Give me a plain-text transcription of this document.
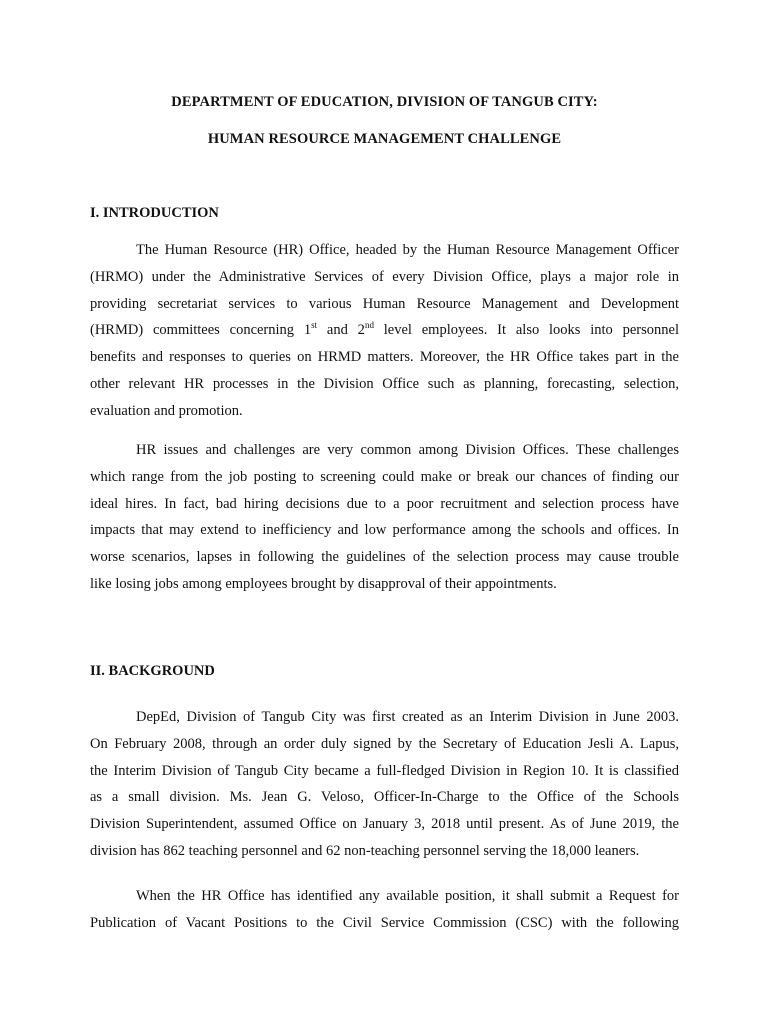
DEPARTMENT OF EDUCATION, DIVISION OF TANGUB CITY:
HUMAN RESOURCE MANAGEMENT CHALLENGE
I. INTRODUCTION
The Human Resource (HR) Office, headed by the Human Resource Management Officer
(HRMO) under the Administrative Services of every Division Office, plays a major role in
providing secretariat services to various Human Resource Management and Development
(HRMD) committees concerning 1st and 2nd level employees. It also looks into personnel
benefits and responses to queries on HRMD matters. Moreover, the HR Office takes part in the
other relevant HR processes in the Division Office such as planning, forecasting, selection,
evaluation and promotion.
HR issues and challenges are very common among Division Offices. These challenges
which range from the job posting to screening could make or break our chances of finding our
ideal hires. In fact, bad hiring decisions due to a poor recruitment and selection process have
impacts that may extend to inefficiency and low performance among the schools and offices. In
worse scenarios, lapses in following the guidelines of the selection process may cause trouble
like losing jobs among employees brought by disapproval of their appointments.
II. BACKGROUND
DepEd, Division of Tangub City was first created as an Interim Division in June 2003.
On February 2008, through an order duly signed by the Secretary of Education Jesli A. Lapus,
the Interim Division of Tangub City became a full-fledged Division in Region 10. It is classified
as a small division. Ms. Jean G. Veloso, Officer-In-Charge to the Office of the Schools
Division Superintendent, assumed Office on January 3, 2018 until present. As of June 2019, the
division has 862 teaching personnel and 62 non-teaching personnel serving the 18,000 leaners.
When the HR Office has identified any available position, it shall submit a Request for
Publication of Vacant Positions to the Civil Service Commission (CSC) with the following
